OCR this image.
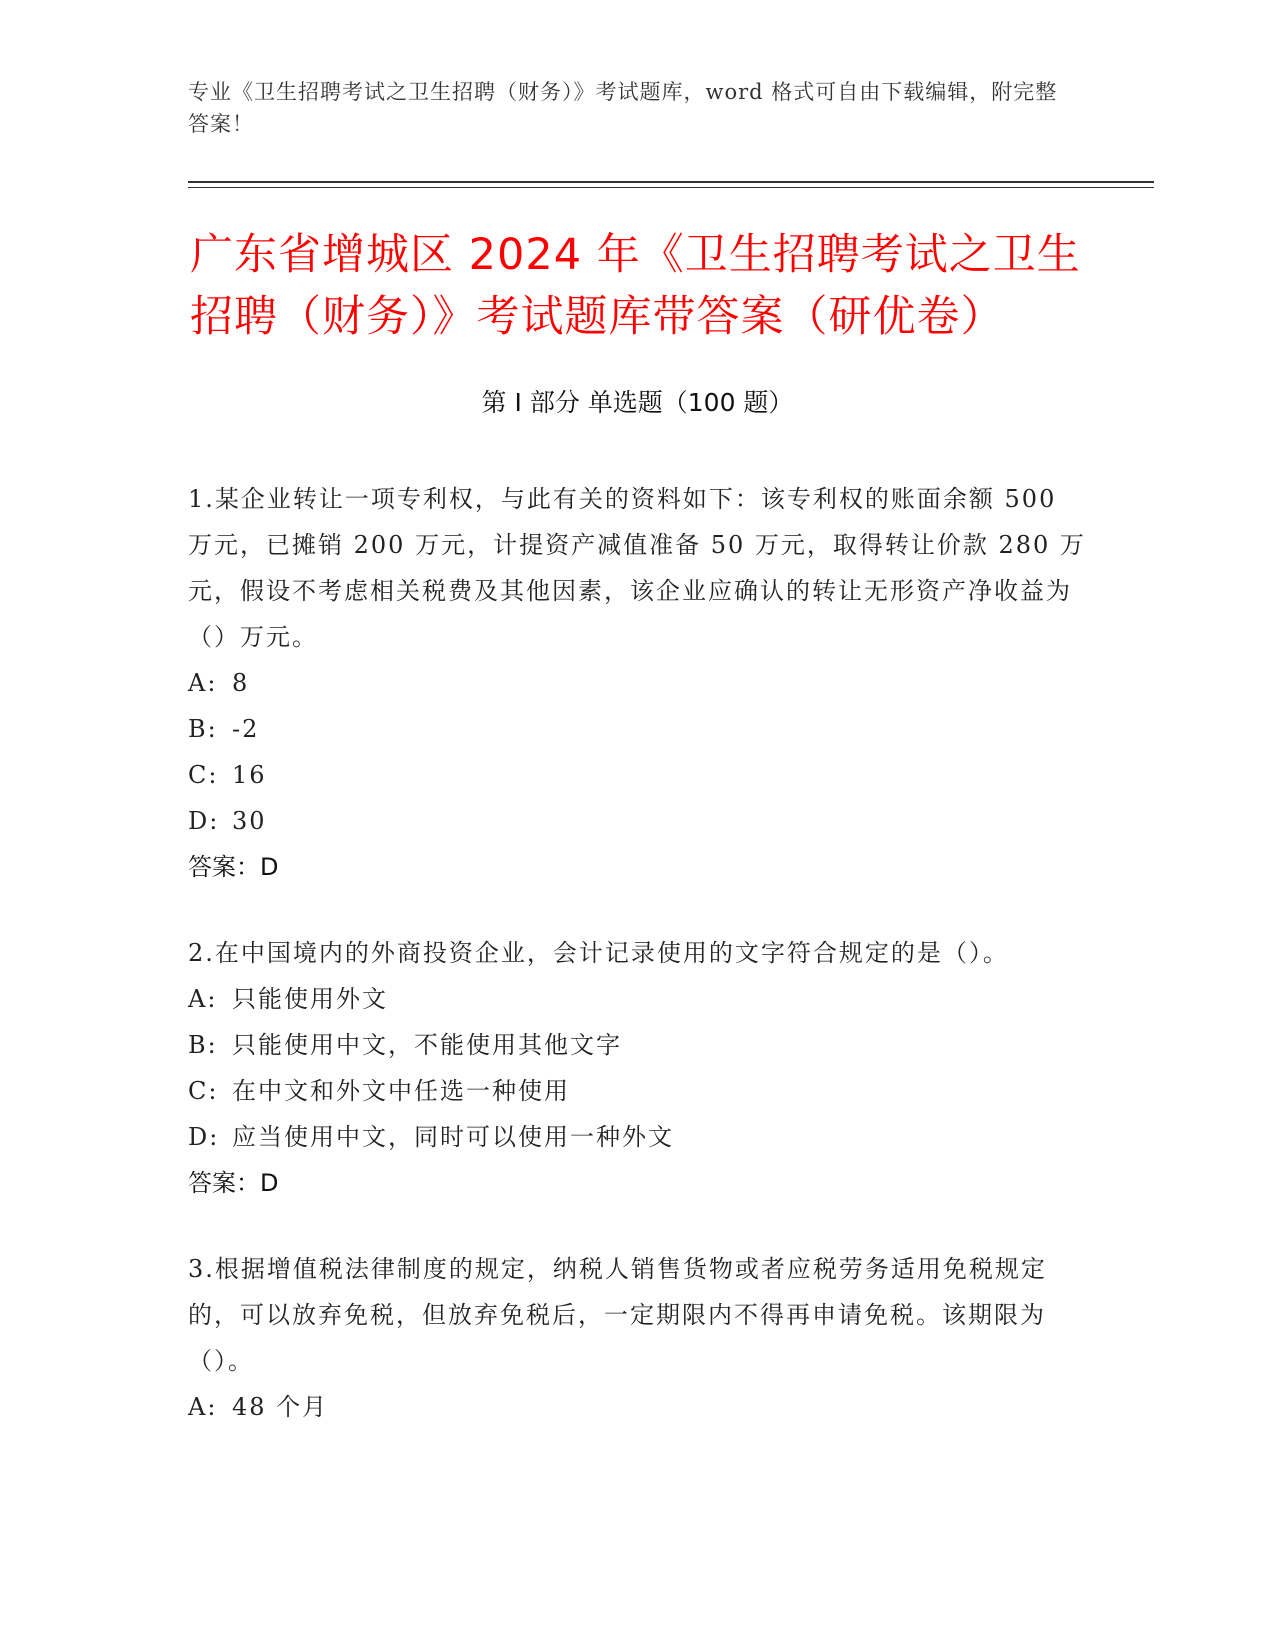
专业《卫生招聘考试之卫生招聘（财务）》考试题库，word 格式可自由下载编辑，附完整答案！
广东省增城区 2024 年《卫生招聘考试之卫生招聘（财务）》考试题库带答案（研优卷）
第 I 部分 单选题（100 题）

1.某企业转让一项专利权，与此有关的资料如下：该专利权的账面余额 500 万元，已摊销 200 万元，计提资产减值准备 50 万元，取得转让价款 280 万元，假设不考虑相关税费及其他因素，该企业应确认的转让无形资产净收益为（）万元。

A: 8

B: -2

C: 16

D: 30

答案：D

2.在中国境内的外商投资企业，会计记录使用的文字符合规定的是（）。

A: 只能使用外文

B: 只能使用中文，不能使用其他文字

C: 在中文和外文中任选一种使用

D: 应当使用中文，同时可以使用一种外文

答案：D

3.根据增值税法律制度的规定，纳税人销售货物或者应税劳务适用免税规定的，可以放弃免税，但放弃免税后，一定期限内不得再申请免税。该期限为（）。

A: 48 个月
